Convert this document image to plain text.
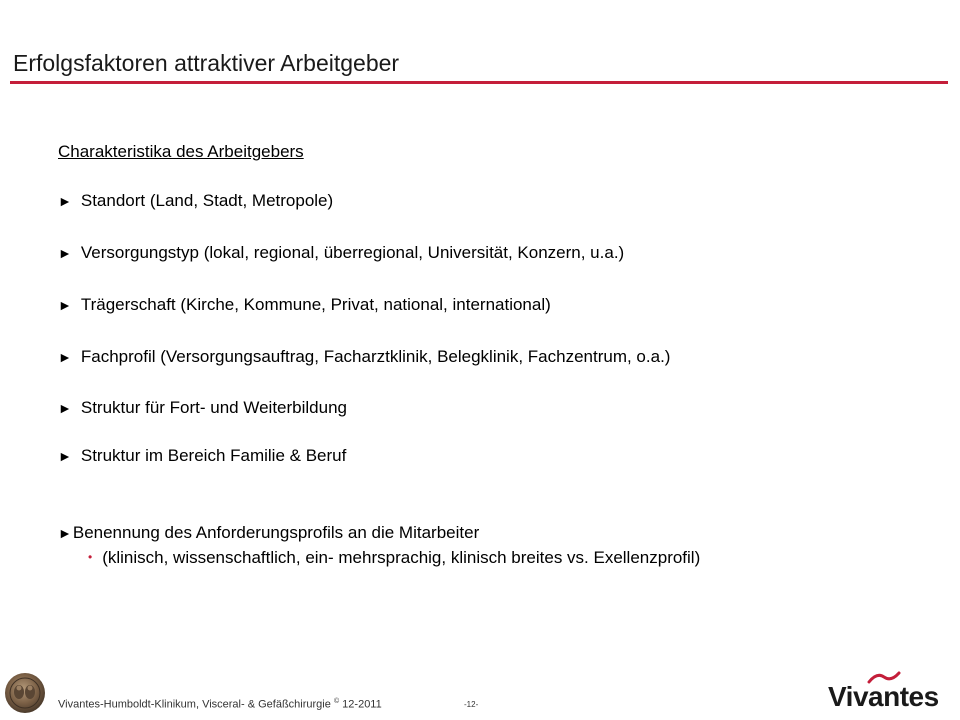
Erfolgsfaktoren attraktiver Arbeitgeber
Charakteristika des Arbeitgebers
► Standort (Land, Stadt, Metropole)
► Versorgungstyp (lokal, regional, überregional, Universität, Konzern, u.a.)
► Trägerschaft (Kirche, Kommune, Privat, national, international)
► Fachprofil (Versorgungsauftrag, Facharztklinik, Belegklinik, Fachzentrum, o.a.)
► Struktur für Fort- und Weiterbildung
► Struktur im Bereich Familie & Beruf
►Benennung des Anforderungsprofils an die Mitarbeiter
• (klinisch, wissenschaftlich, ein- mehrsprachig, klinisch breites vs. Exellenzprofil)
Vivantes-Humboldt-Klinikum, Visceral- & Gefäßchirurgie © 12-2011	-12-	Vivantes
